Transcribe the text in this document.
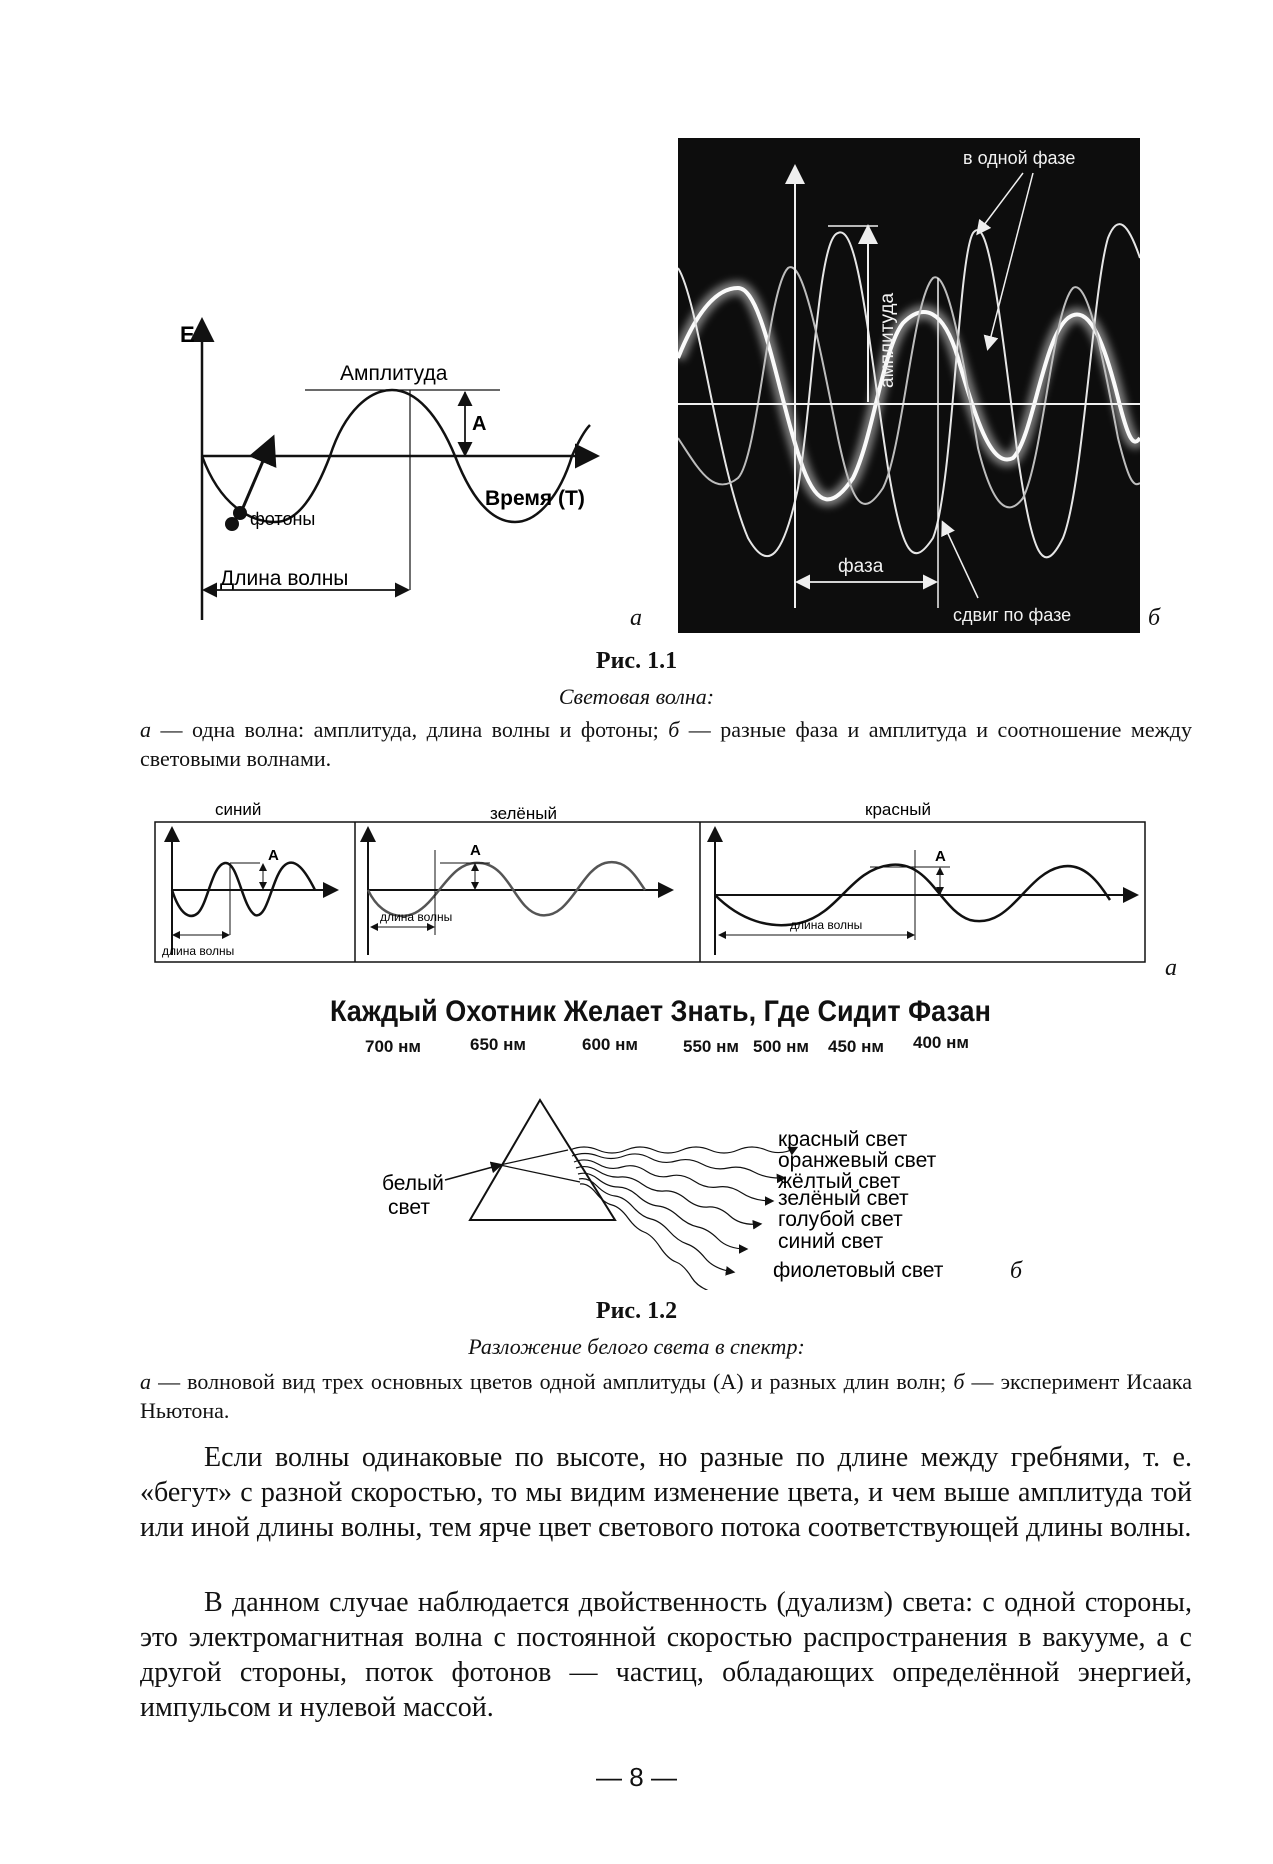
E
Амплитуда
A
фотоны
Время (T)
Длина волны
a
амплитуда
в одной фазе
фаза
сдвиг по фазе	б
Рис. 1.1
Световая волна:
а — одна волна: амплитуда, длина волны и фотоны; б — разные фаза и амплитуда и соотношение между световыми волнами.
синий	зелёный	красный
A
длина волны
A
длина волны
A
длина волны
а
Каждый Охотник Желает Знать, Где Сидит Фазан
700 нм	650 нм	600 нм	550 нм 500 нм 450 нм 400 нм
белый
свет
красный свет
оранжевый свет
жёлтый свет
зелёный свет
голубой свет
синий свет
фиолетовый свет	б
Рис. 1.2
Разложение белого света в спектр:
а — волновой вид трех основных цветов одной амплитуды (А) и разных длин волн; б — эксперимент Исаака Ньютона.
Если волны одинаковые по высоте, но разные по длине между гребнями, т. е. «бегут» с разной скоростью, то мы видим изменение цвета, и чем выше амплитуда той или иной длины волны, тем ярче цвет светового потока соответствующей длины волны.
В данном случае наблюдается двойственность (дуализм) света: с одной стороны, это электромагнитная волна с постоянной скоростью распространения в вакууме, а с другой стороны, поток фотонов — частиц, обладающих определённой энергией, импульсом и нулевой массой.
— 8 —
